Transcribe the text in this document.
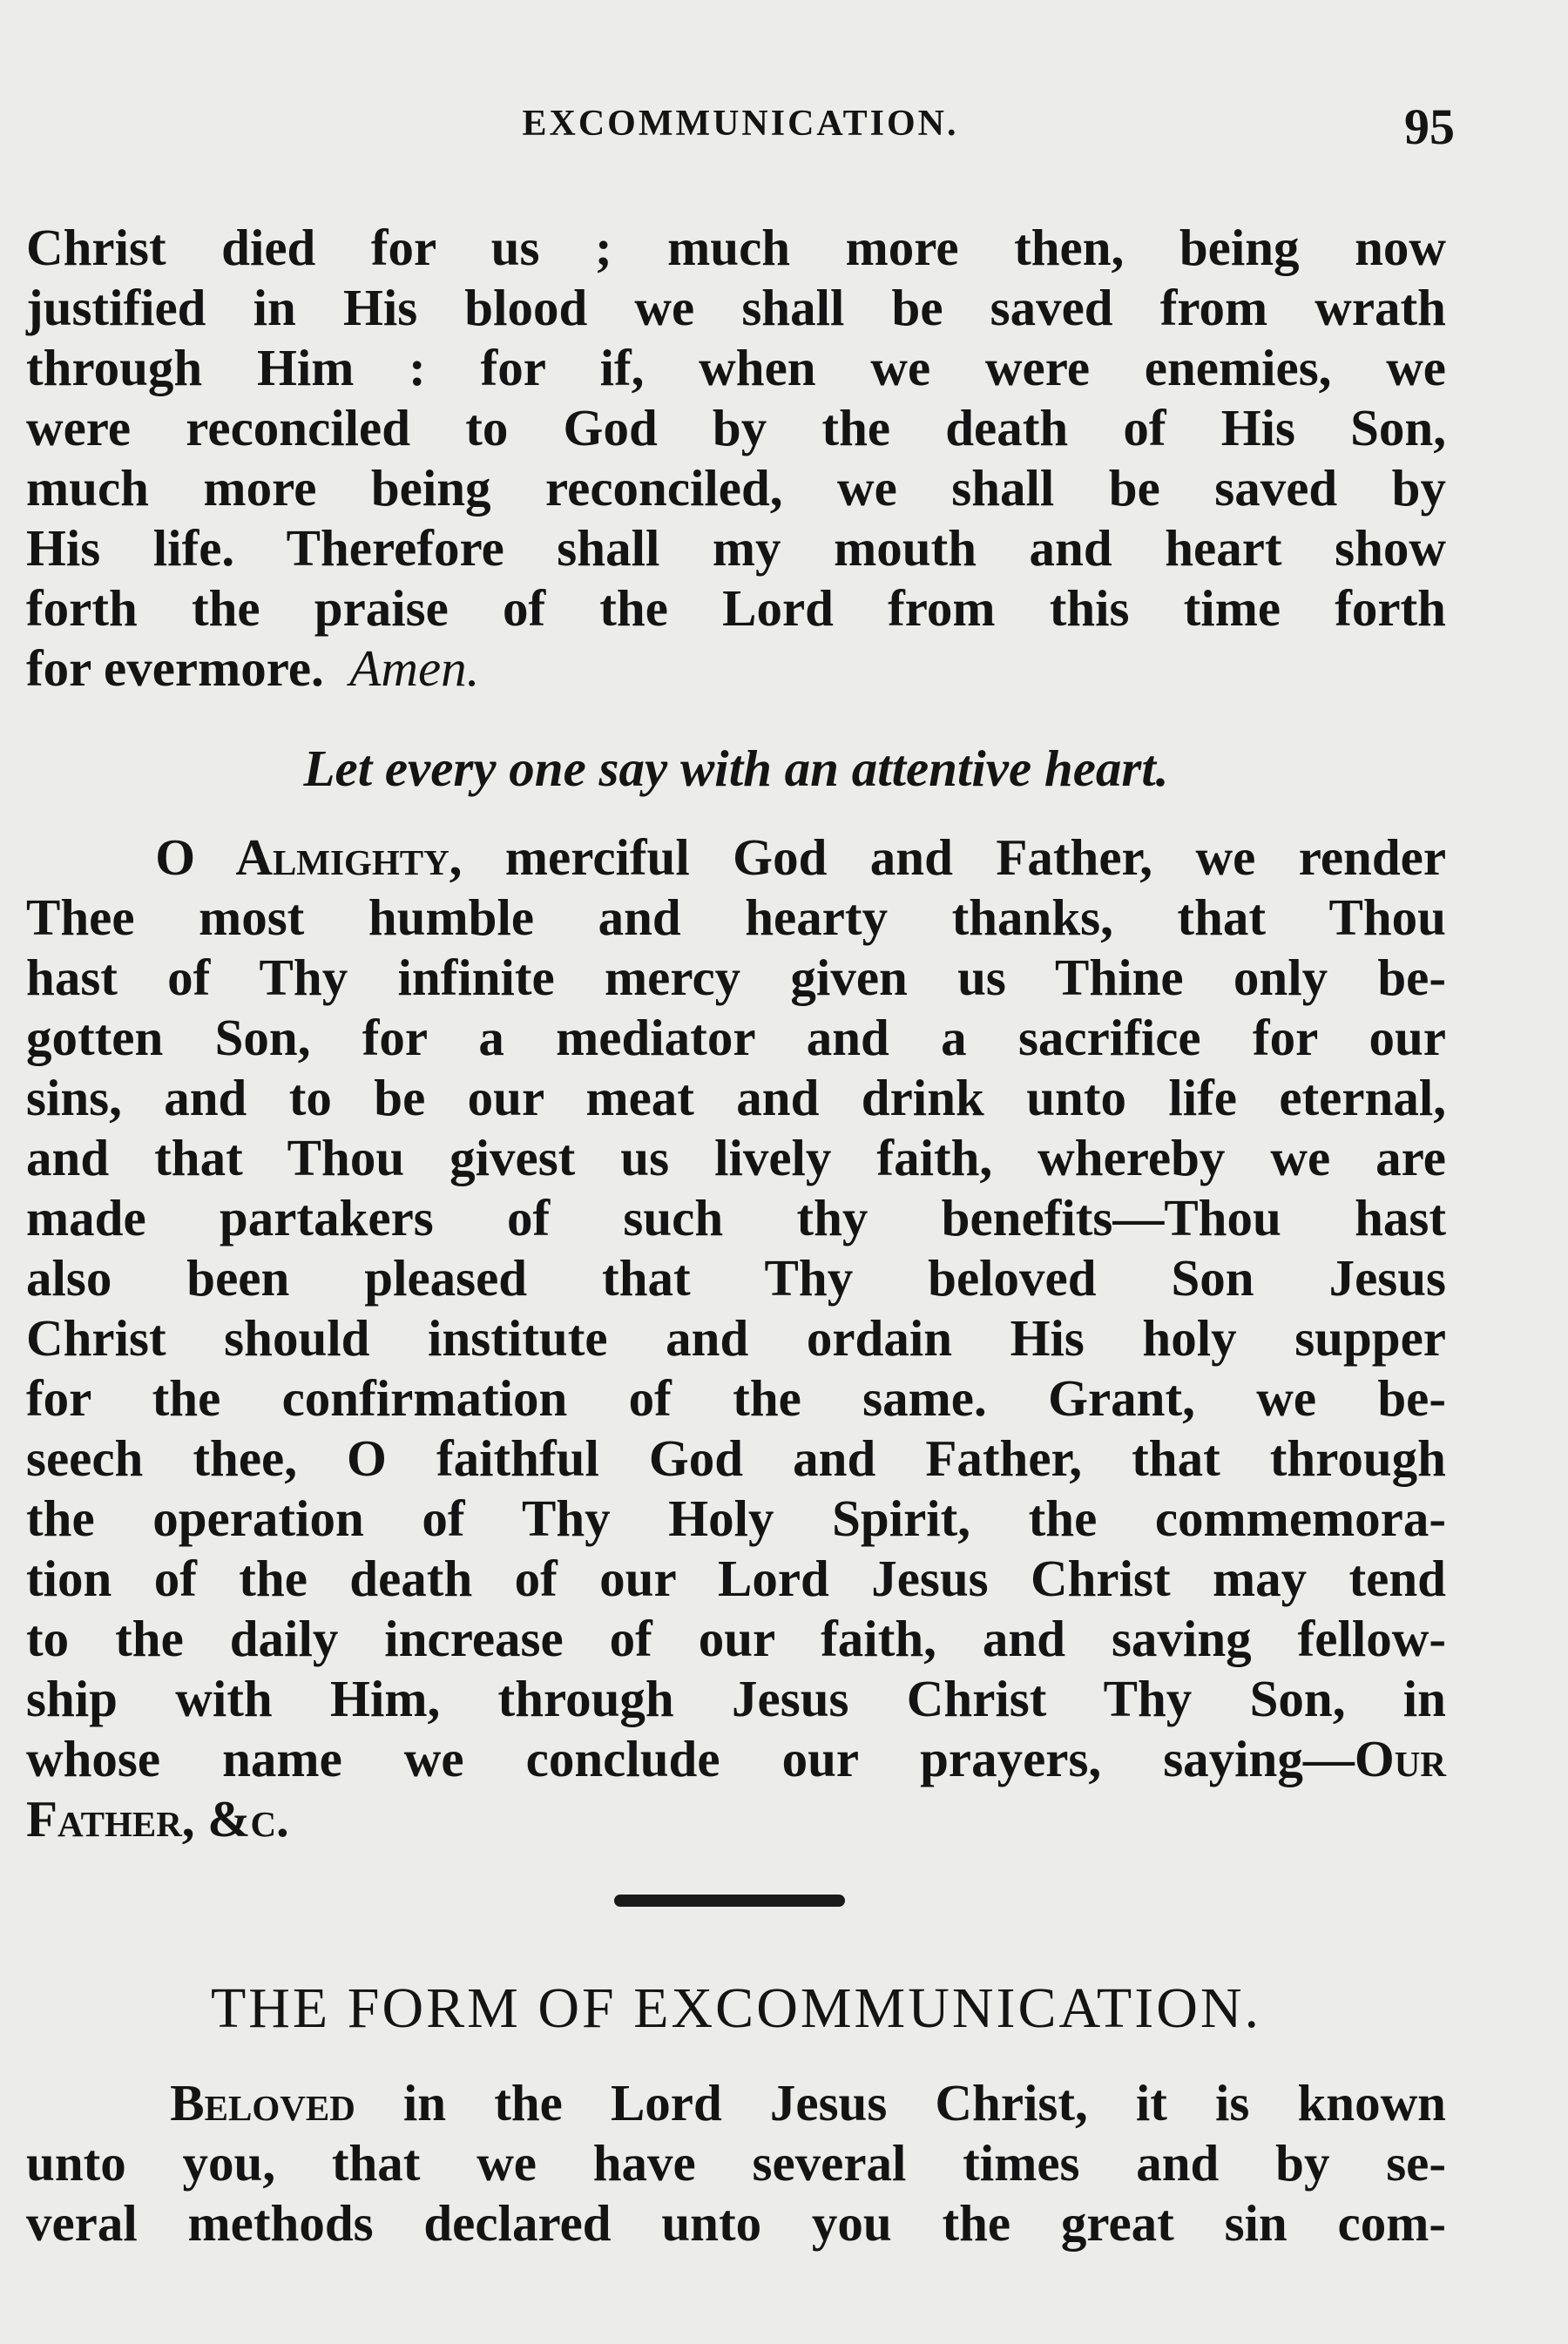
EXCOMMUNICATION.	95
Christ died for us ; much more then, being now
justified in His blood we shall be saved from wrath
through Him : for if, when we were enemies, we
were reconciled to God by the death of His Son,
much more being reconciled, we shall be saved by
His life. Therefore shall my mouth and heart show
forth the praise of the Lord from this time forth
for evermore. Amen.
Let every one say with an attentive heart.
O Almighty, merciful God and Father, we render
Thee most humble and hearty thanks, that Thou
hast of Thy infinite mercy given us Thine only be-
gotten Son, for a mediator and a sacrifice for our
sins, and to be our meat and drink unto life eternal,
and that Thou givest us lively faith, whereby we are
made partakers of such thy benefits—Thou hast
also been pleased that Thy beloved Son Jesus
Christ should institute and ordain His holy supper
for the confirmation of the same. Grant, we be-
seech thee, O faithful God and Father, that through
the operation of Thy Holy Spirit, the commemora-
tion of the death of our Lord Jesus Christ may tend
to the daily increase of our faith, and saving fellow-
ship with Him, through Jesus Christ Thy Son, in
whose name we conclude our prayers, saying—Our
Father, &c.
THE FORM OF EXCOMMUNICATION.
Beloved in the Lord Jesus Christ, it is known
unto you, that we have several times and by se-
veral methods declared unto you the great sin com-
